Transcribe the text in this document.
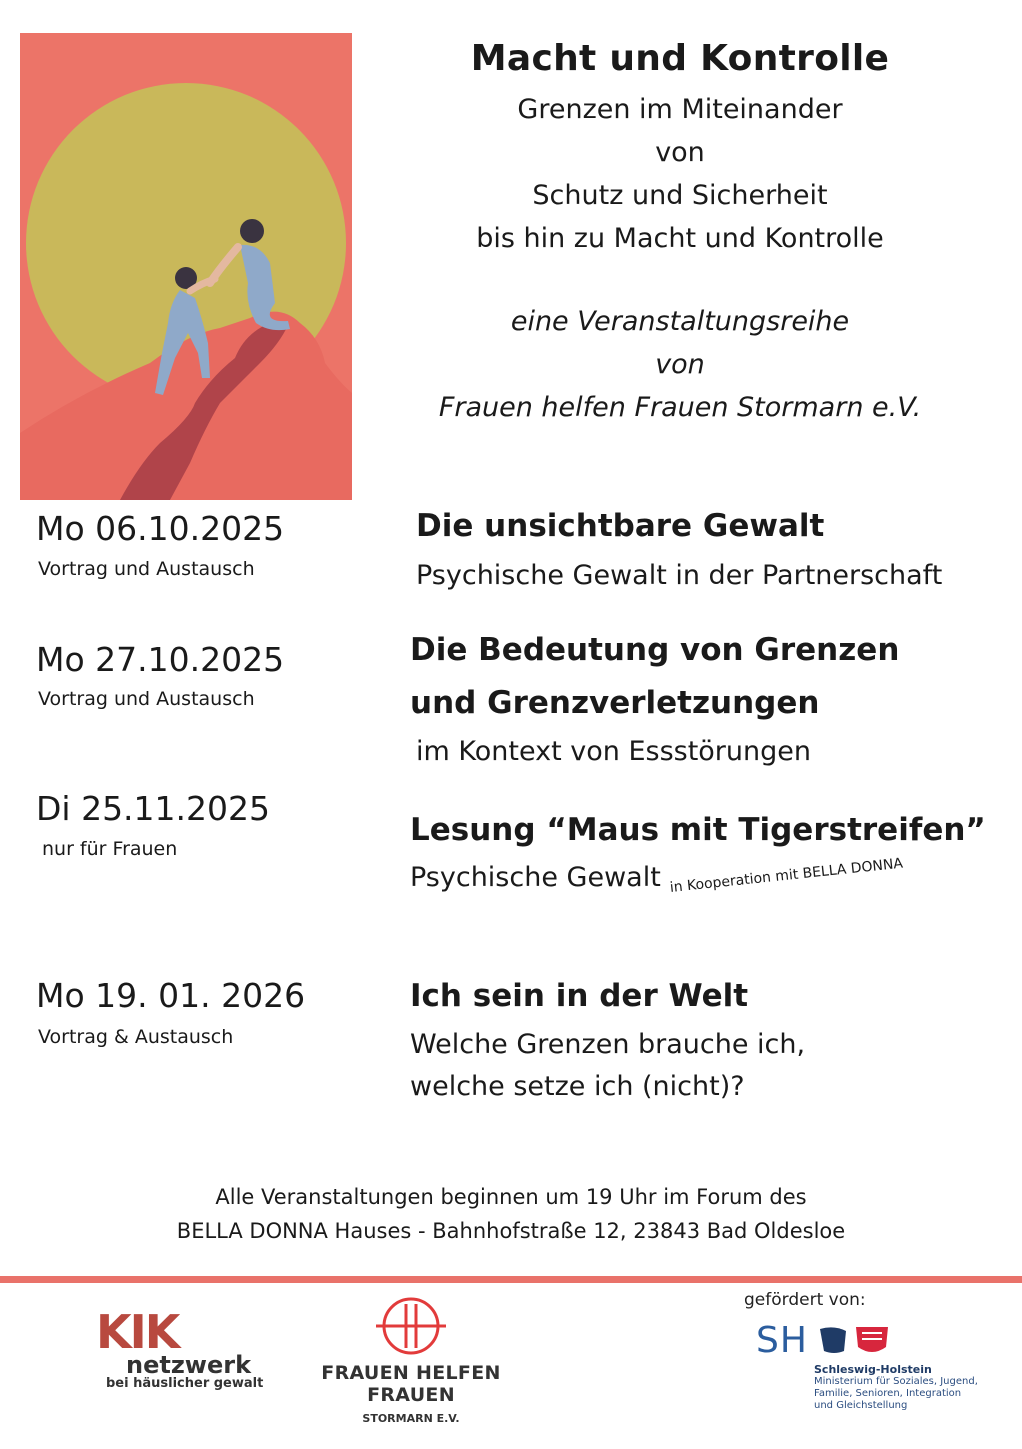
Macht und Kontrolle
Grenzen im Miteinander
von
Schutz und Sicherheit
bis hin zu Macht und Kontrolle
eine Veranstaltungsreihe
von
Frauen helfen Frauen Stormarn e.V.
Mo 06.10.2025
Vortrag und Austausch
Die unsichtbare Gewalt
Psychische Gewalt in der Partnerschaft
Mo 27.10.2025
Vortrag und Austausch
Die Bedeutung von Grenzen
und Grenzverletzungen
im Kontext von Essstörungen
Di 25.11.2025
nur für Frauen
Lesung “Maus mit Tigerstreifen”
Psychische Gewalt in Kooperation mit BELLA DONNA
Mo 19. 01. 2026
Vortrag & Austausch
Ich sein in der Welt
Welche Grenzen brauche ich,
welche setze ich (nicht)?
Alle Veranstaltungen beginnen um 19 Uhr im Forum des
BELLA DONNA Hauses - Bahnhofstraße 12, 23843 Bad Oldesloe
KIK
netzwerk
bei häuslicher gewalt	FRAUEN HELFEN FRAUEN
STORMARN E.V.
gefördert von:
SH
Schleswig-Holstein
Ministerium für Soziales, Jugend,
Familie, Senioren, Integration
und Gleichstellung
